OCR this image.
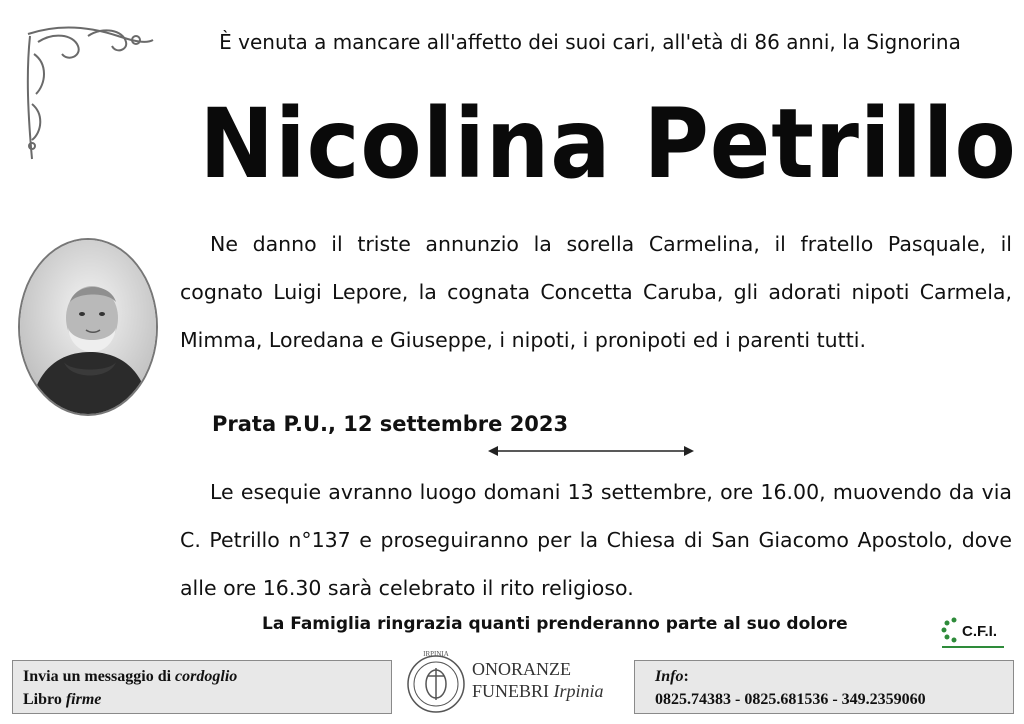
È venuta a mancare all'affetto dei suoi cari, all'età di 86 anni, la Signorina
Nicolina Petrillo
Ne danno il triste annunzio la sorella Carmelina, il fratello Pasquale, il cognato Luigi Lepore, la cognata Concetta Caruba, gli adorati nipoti Carmela, Mimma, Loredana e Giuseppe, i nipoti, i pronipoti ed i parenti tutti.
Prata P.U., 12 settembre 2023
Le esequie avranno luogo domani 13 settembre, ore 16.00, muovendo da via C. Petrillo n°137 e proseguiranno per la Chiesa di San Giacomo Apostolo, dove alle ore 16.30 sarà celebrato il rito religioso.
La Famiglia ringrazia quanti prenderanno parte al suo dolore	C.F.I.
Invia un messaggio di cordoglio
Libro firme
IRPINIA
ONORANZE
FUNEBRI Irpinia
Info:
0825.74383 - 0825.681536 - 349.2359060
